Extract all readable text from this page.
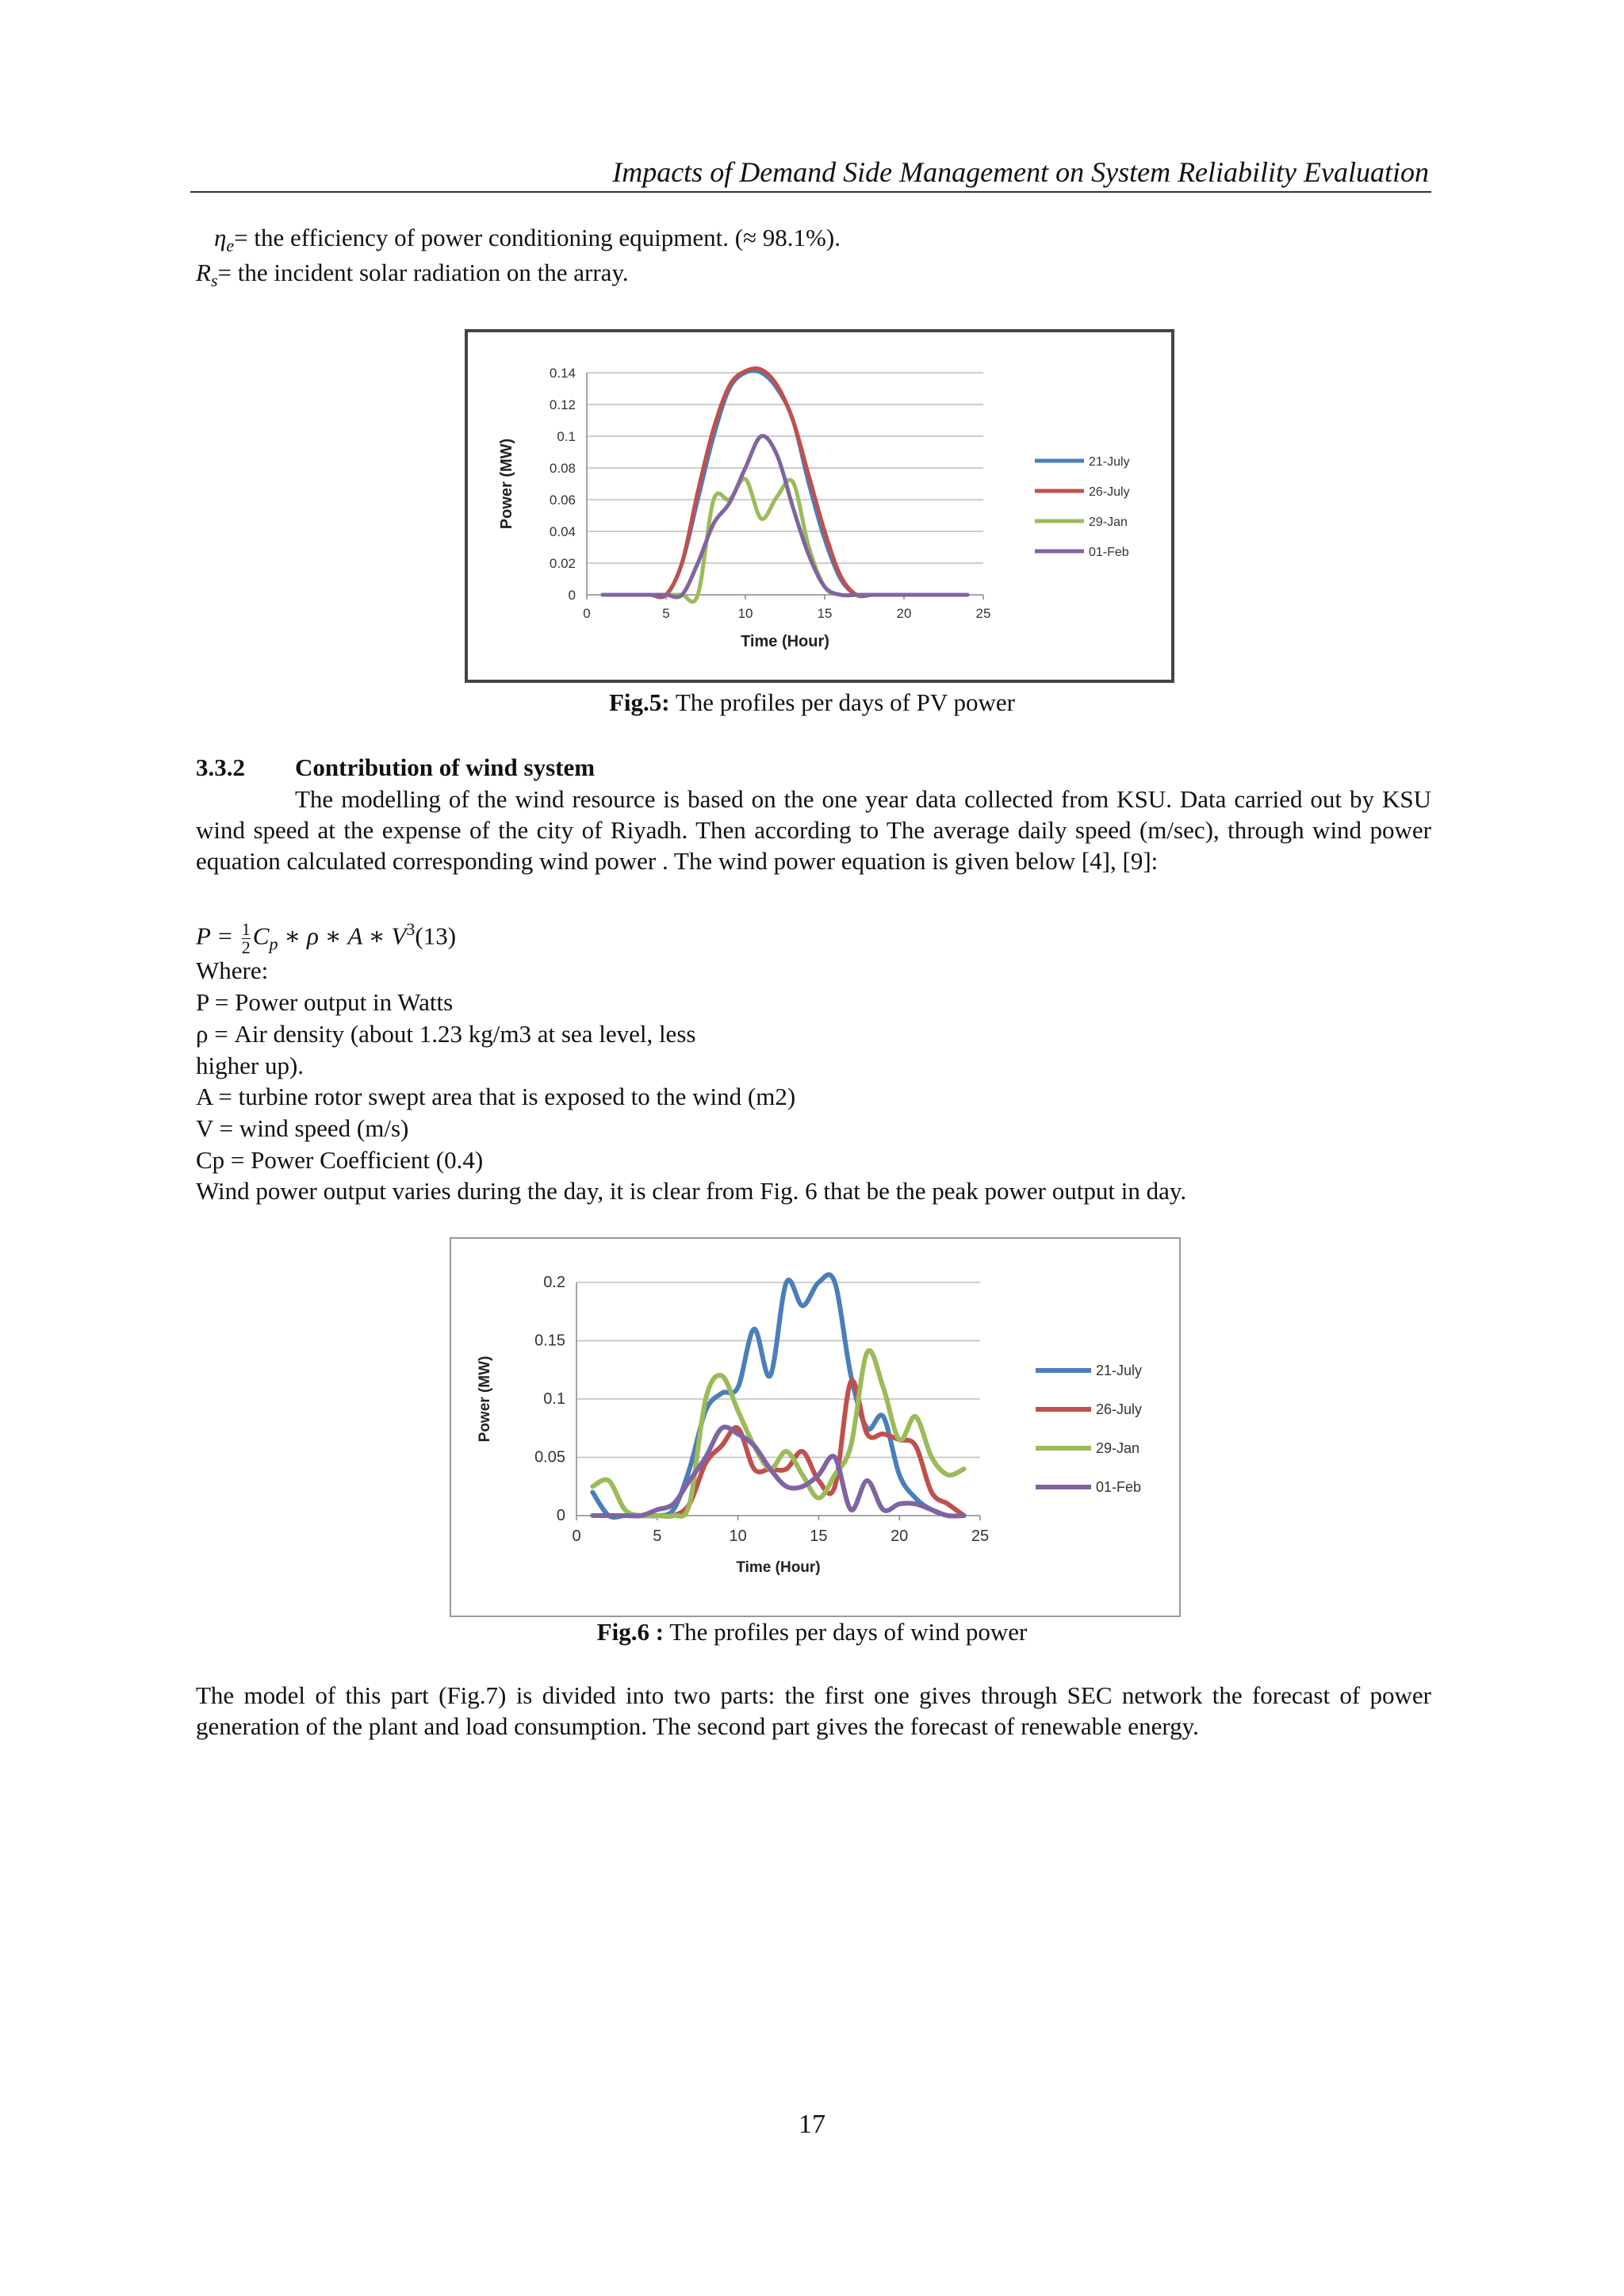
Impacts of Demand Side Management on System Reliability Evaluation
$\eta_e=$ the efficiency of power conditioning equipment. (≈ 98.1%).
$R_s=$ the incident solar radiation on the array.
0
0.02
0.04
0.06
0.08
0.1
0.12
0.14
0	5	10	15	20	25
Time (Hour)
Power (MW)	21-July
26-July
29-Jan
01-Feb
Fig.5: The profiles per days of PV power
3.3.2 Contribution of wind system
The modelling of the wind resource is based on the one year data collected from KSU. Data carried out by KSU wind speed at the expense of the city of Riyadh. Then according to The average daily speed (m/sec), through wind power equation calculated corresponding wind power . The wind power equation is given below [4], [9]:
$P = \frac{1}{2} C_p$ ∗ ρ ∗ A ∗ $V^3(13)$
Where:
P = Power output in Watts
ρ = Air density (about 1.23 kg/m3 at sea level, less
higher up).
A = turbine rotor swept area that is exposed to the wind (m2)
V = wind speed (m/s)
Cp = Power Coefficient (0.4)
Wind power output varies during the day, it is clear from Fig. 6 that be the peak power output in day.
0
0.05
0.1
0.15
0.2
0	5	10	15	20	25
Time (Hour)
Power (MW)	21-July
26-July
29-Jan
01-Feb
Fig.6 : The profiles per days of wind power
The model of this part (Fig.7) is divided into two parts: the first one gives through SEC network the forecast of power generation of the plant and load consumption. The second part gives the forecast of renewable energy.
17
